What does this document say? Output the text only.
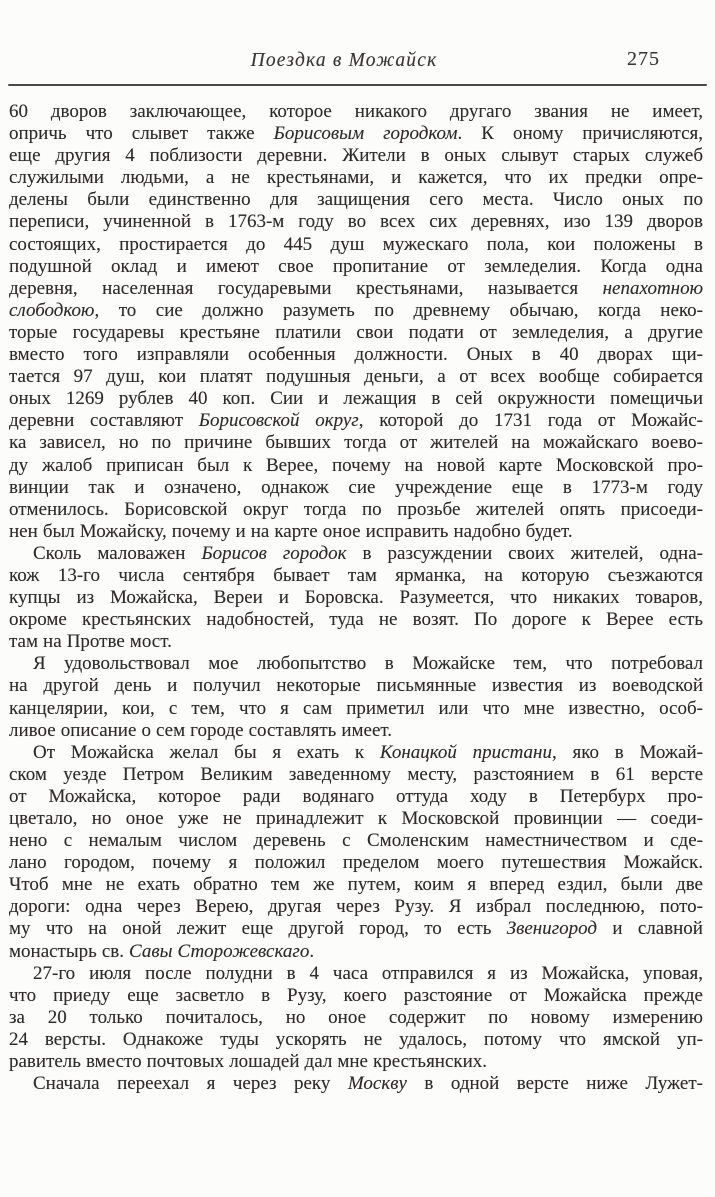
Поездка в Можайск	275
60 дворов заключающее, которое никакого другаго звания не имеет,
опричь что слывет также Борисовым городком. К оному причисляются,
еще другия 4 поблизости деревни. Жители в оных слывут старых служеб
служилыми людьми, а не крестьянами, и кажется, что их предки опре-
делены были единственно для защищения сего места. Число оных по
переписи, учиненной в 1763-м году во всех сих деревнях, изо 139 дворов
состоящих, простирается до 445 душ мужескаго пола, кои положены в
подушной оклад и имеют свое пропитание от земледелия. Когда одна
деревня, населенная государевыми крестьянами, называется непахотною
слободкою, то сие должно разуметь по древнему обычаю, когда неко-
торые государевы крестьяне платили свои подати от земледелия, а другие
вместо того изправляли особенныя должности. Оных в 40 дворах щи-
тается 97 душ, кои платят подушныя деньги, а от всех вообще собирается
оных 1269 рублев 40 коп. Сии и лежащия в сей окружности помещичьи
деревни составляют Борисовской округ, которой до 1731 года от Можайс-
ка зависел, но по причине бывших тогда от жителей на можайскаго воево-
ду жалоб приписан был к Верее, почему на новой карте Московской про-
винции так и означено, однакож сие учреждение еще в 1773-м году
отменилось. Борисовской округ тогда по прозьбе жителей опять присоеди-
нен был Можайску, почему и на карте оное исправить надобно будет.
Сколь маловажен Борисов городок в разсуждении своих жителей, одна-
кож 13-го числа сентября бывает там ярманка, на которую съезжаются
купцы из Можайска, Вереи и Боровска. Разумеется, что никаких товаров,
окроме крестьянских надобностей, туда не возят. По дороге к Верее есть
там на Протве мост.
Я удовольствовал мое любопытство в Можайске тем, что потребовал
на другой день и получил некоторые письмянные известия из воеводской
канцелярии, кои, с тем, что я сам приметил или что мне известно, особ-
ливое описание о сем городе составлять имеет.
От Можайска желал бы я ехать к Конацкой пристани, яко в Можай-
ском уезде Петром Великим заведенному месту, разстоянием в 61 версте
от Можайска, которое ради водянаго оттуда ходу в Петербурх про-
цветало, но оное уже не принадлежит к Московской провинции — соеди-
нено с немалым числом деревень с Смоленским наместничеством и сде-
лано городом, почему я положил пределом моего путешествия Можайск.
Чтоб мне не ехать обратно тем же путем, коим я вперед ездил, были две
дороги: одна через Верею, другая через Рузу. Я избрал последнюю, пото-
му что на оной лежит еще другой город, то есть Звенигород и славной
монастырь св. Савы Сторожевскаго.
27-го июля после полудни в 4 часа отправился я из Можайска, уповая,
что приеду еще засветло в Рузу, коего разстояние от Можайска прежде
за 20 только почиталось, но оное содержит по новому измерению
24 версты. Однакоже туды ускорять не удалось, потому что ямской уп-
равитель вместо почтовых лошадей дал мне крестьянских.
Сначала переехал я через реку Москву в одной версте ниже Лужет-
